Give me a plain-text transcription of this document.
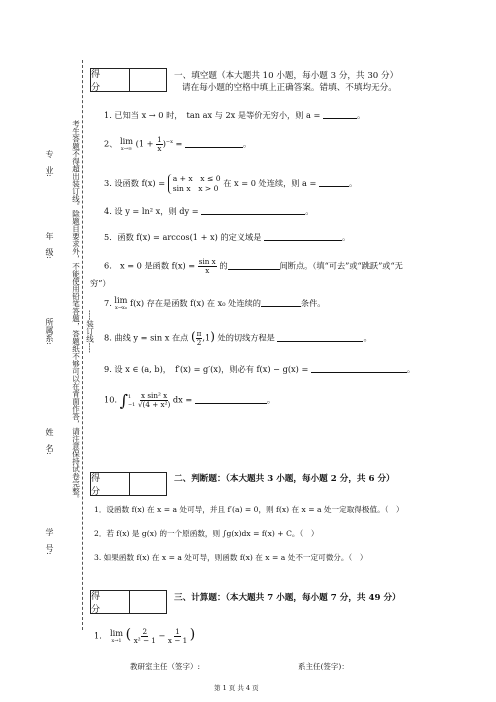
专　业:
年　级:
所属系:
姓　名:
学　号:
考生答题不得超出装订线。除题目要求外，不能使用铅笔答题，答题纸不够可以在背面作答，请注意保持试卷完整。 ----装订线----
得　分
一、填空题（本大题共 10 小题，每小题 3 分，共 30 分）
请在每小题的空格中填上正确答案。错填、不填均无分。
1. 已知当 x → 0 时，　tan ax 与 2x 是等价无穷小，则 a =	。
2、 lim
x→∞ $(1 + \frac{1}{x} )^{-x}$ =	。
3. 设函数 f(x) = a + x　x ≤ 0
sin x　x > 0
在 x = 0 处连续，则 a =	。
4. 设 y = ln² x，则 dy =	。
5．函数 f(x) = arccos(1 + x) 的定义域是	。
6.　x = 0 是函数 $f(x) = \frac{\text{sin x}}{x}$ 的	间断点。（填“可去”或“跳跃”或“无
穷”）
7. lim
x→x₀ f(x) 存在是函数 f(x) 在 x₀ 处连续的	条件。
8. 曲线 y = sin x 在点 ( $\frac{\pi}{2} ,1$) 处的切线方程是	。
9. 设 x ∈ (a, b)，　f′(x) = g′(x)，则必有 f(x) − g(x) =	。
10. ∫ 1
−1
$\frac{\text{x sin² x}}{\text{√(4 + x²)}}$ dx =	。
得　分
二、判断题：（本大题共 3 小题，每小题 2 分，共 6 分）
1．设函数 f(x) 在 x = a 处可导，并且 f′(a) = 0，则 f(x) 在 x = a 处一定取得极值。（　）
2．若 f(x) 是 g(x) 的一个原函数，则 ∫g(x)dx = f(x) + C。（　）
3. 如果函数 f(x) 在 x = a 处可导，则函数 f(x) 在 x = a 处不一定可微分。（　）
得　分
三、计算题：（本大题共 7 小题，每小题 7 分，共 49 分）
1． lim
x→1 ( $\frac{2}{\text{x² − 1}} - \frac{1}{x - 1}$ )
教研室主任（签字）:	系主任(签字)：
第 1 页 共 4 页
